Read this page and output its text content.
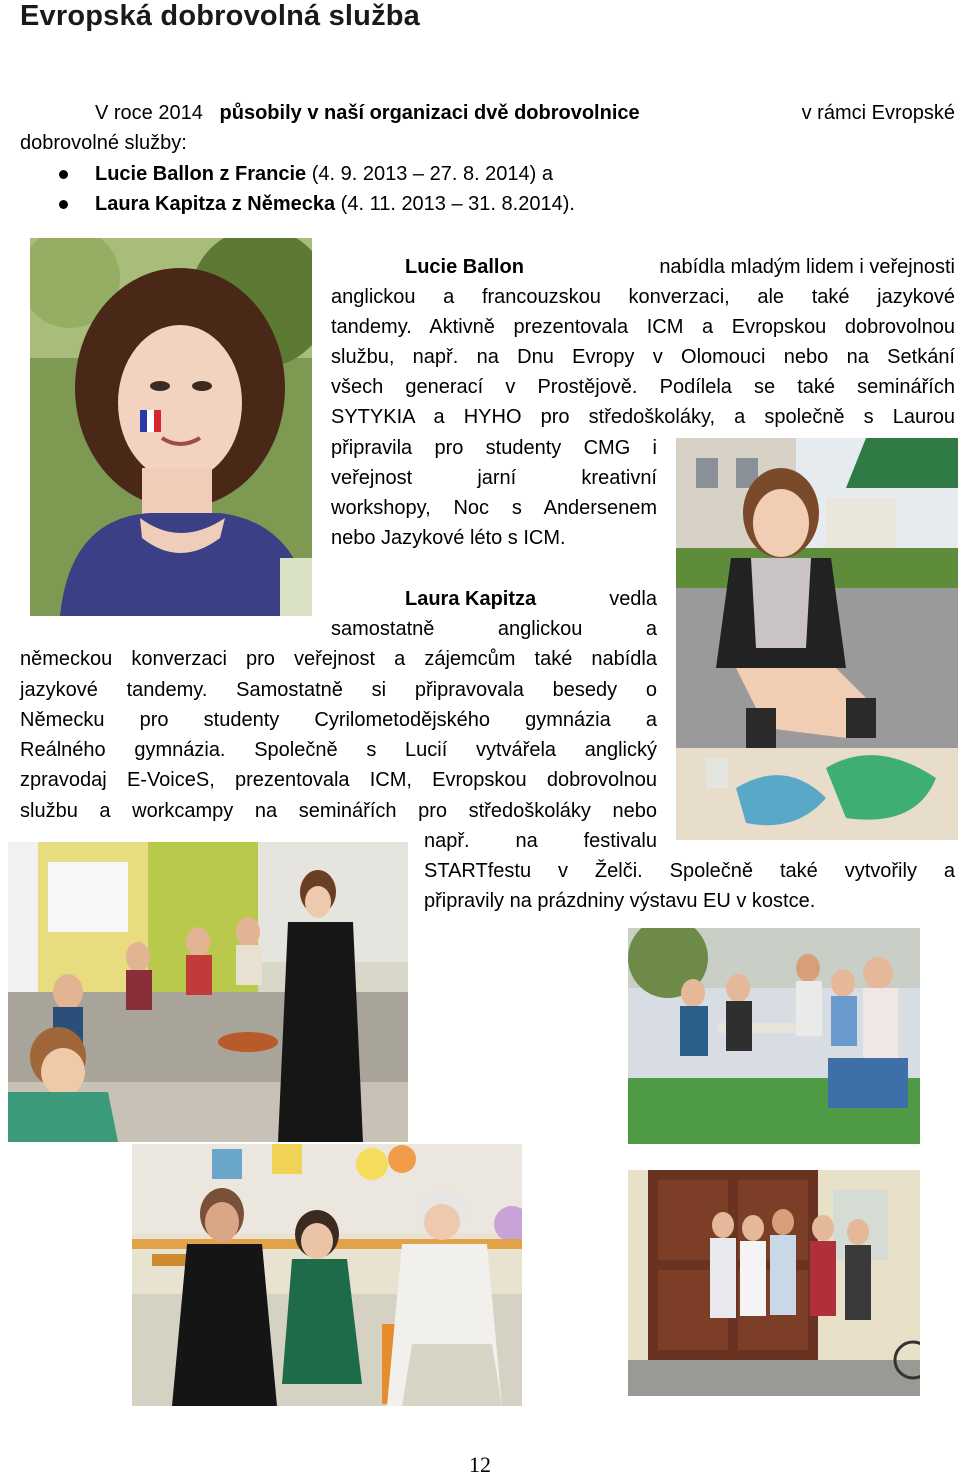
Evropská dobrovolná služba
V roce 2014 působily v naší organizaci dvě dobrovolnice	v rámci Evropské
dobrovolné služby:
Lucie Ballon z Francie (4. 9. 2013 – 27. 8. 2014) a
Laura Kapitza z Německa (4. 11. 2013 – 31. 8.2014).
Lucie Ballon	nabídla mladým lidem i veřejnosti
anglickou a francouzskou konverzaci, ale také jazykové
tandemy. Aktivně prezentovala ICM a Evropskou dobrovolnou
službu, např. na Dnu Evropy v Olomouci nebo na Setkání
všech generací v Prostějově. Podílela se také seminářích
SYTYKIA a HYHO pro středoškoláky, a společně s Laurou
připravila pro studenty CMG i
veřejnost jarní kreativní
workshopy, Noc s Andersenem
nebo Jazykové léto s ICM.
Laura Kapitza	vedla
samostatně anglickou a
německou konverzaci pro veřejnost a zájemcům také nabídla
jazykové tandemy. Samostatně si připravovala besedy o
Německu pro studenty Cyrilometodějského gymnázia a
Reálného gymnázia. Společně s Lucií vytvářela anglický
zpravodaj E-VoiceS, prezentovala ICM, Evropskou dobrovolnou
službu a workcampy na seminářích pro středoškoláky nebo
např. na festivalu
STARTfestu v Želči. Společně také vytvořily a
připravily na prázdniny výstavu EU v kostce.
12
